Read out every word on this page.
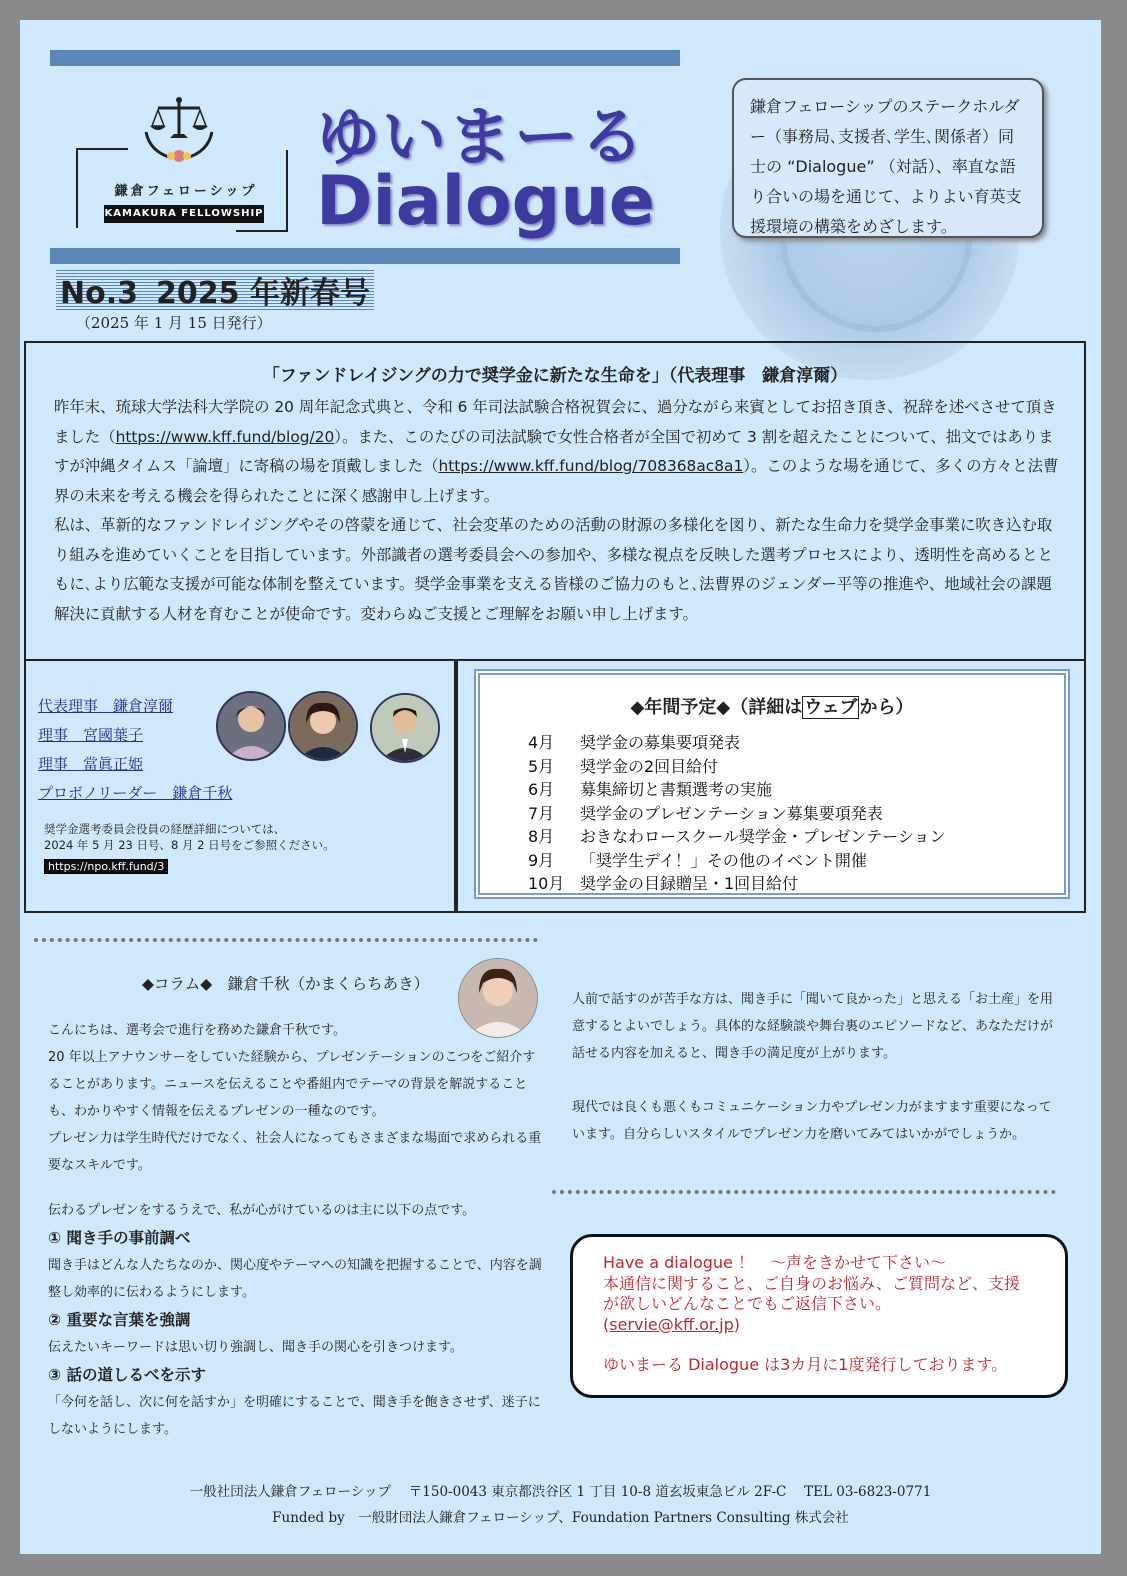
鎌倉フェローシップ
KAMAKURA FELLOWSHIP
ゆいまーる
Dialogue
No.3 2025 年新春号
（2025 年 1 月 15 日発行）
鎌倉フェローシップのステークホルダー（事務局､支援者､学生､関係者）同士の “Dialogue” （対話）、率直な語り合いの場を通じて、よりよい育英支援環境の構築をめざします。
「ファンドレイジングの力で奨学金に新たな生命を」（代表理事　鎌倉淳爾）

昨年末、琉球大学法科大学院の 20 周年記念式典と、令和 6 年司法試験合格祝賀会に、過分ながら来賓としてお招き頂き、祝辞を述べさせて頂きました（https://www.kff.fund/blog/20）。また、このたびの司法試験で女性合格者が全国で初めて 3 割を超えたことについて、拙文ではありますが沖縄タイムス「論壇」に寄稿の場を頂戴しました（https://www.kff.fund/blog/708368ac8a1）。このような場を通じて、多くの方々と法曹界の未来を考える機会を得られたことに深く感謝申し上げます。

私は、革新的なファンドレイジングやその啓蒙を通じて、社会変革のための活動の財源の多様化を図り、新たな生命力を奨学金事業に吹き込む取り組みを進めていくことを目指しています。外部識者の選考委員会への参加や、多様な視点を反映した選考プロセスにより、透明性を高めるとともに､より広範な支援が可能な体制を整えています。奨学金事業を支える皆様のご協力のもと､法曹界のジェンダー平等の推進や、地域社会の課題解決に貢献する人材を育むことが使命です。変わらぬご支援とご理解をお願い申し上げます。

代表理事　鎌倉淳爾
理事　宮國葉子
理事　當眞正姫
プロボノリーダー　鎌倉千秋
奨学金選考委員会役員の経歴詳細については、
2024 年 5 月 23 日号、8 月 2 日号をご参照ください。
https://npo.kff.fund/3
◆年間予定◆（詳細は ウェブ から）
4月 奨学金の募集要項発表
5月 奨学金の2回目給付
6月 募集締切と書類選考の実施
7月 奨学金のプレゼンテーション募集要項発表
8月 おきなわロースクール奨学金・プレゼンテーション
9月 「奨学生デイ！」その他のイベント開催
10月 奨学金の目録贈呈・1回目給付
◆コラム◆　鎌倉千秋（かまくらちあき）

こんにちは、選考会で進行を務めた鎌倉千秋です。

20 年以上アナウンサーをしていた経験から、プレゼンテーションのこつをご紹介することがあります。ニュースを伝えることや番組内でテーマの背景を解説することも、わかりやすく情報を伝えるプレゼンの一種なのです。

プレゼン力は学生時代だけでなく、社会人になってもさまざまな場面で求められる重要なスキルです。

伝わるプレゼンをするうえで、私が心がけているのは主に以下の点です。

① 聞き手の事前調べ

聞き手はどんな人たちなのか、関心度やテーマへの知識を把握することで、内容を調整し効率的に伝わるようにします。

② 重要な言葉を強調

伝えたいキーワードは思い切り強調し、聞き手の関心を引きつけます。

③ 話の道しるべを示す

「今何を話し、次に何を話すか」を明確にすることで、聞き手を飽きさせず、迷子にしないようにします。

人前で話すのが苦手な方は、聞き手に「聞いて良かった」と思える「お土産」を用意するとよいでしょう。具体的な経験談や舞台裏のエピソードなど、あなただけが話せる内容を加えると、聞き手の満足度が上がります。

現代では良くも悪くもコミュニケーション力やプレゼン力がますます重要になっています。自分らしいスタイルでプレゼン力を磨いてみてはいかがでしょうか。

Have a dialogue ！　～声をきかせて下さい～
本通信に関すること、ご自身のお悩み、ご質問など、支援が欲しいどんなことでもご返信下さい。
(servie@kff.or.jp)
ゆいまーる Dialogue は3カ月に1度発行しております。
一般社団法人鎌倉フェローシップ　 〒150-0043 東京都渋谷区 1 丁目 10-8 道玄坂東急ビル 2F-C　 TEL 03-6823-0771
Funded by　一般財団法人鎌倉フェローシップ、Foundation Partners Consulting 株式会社
